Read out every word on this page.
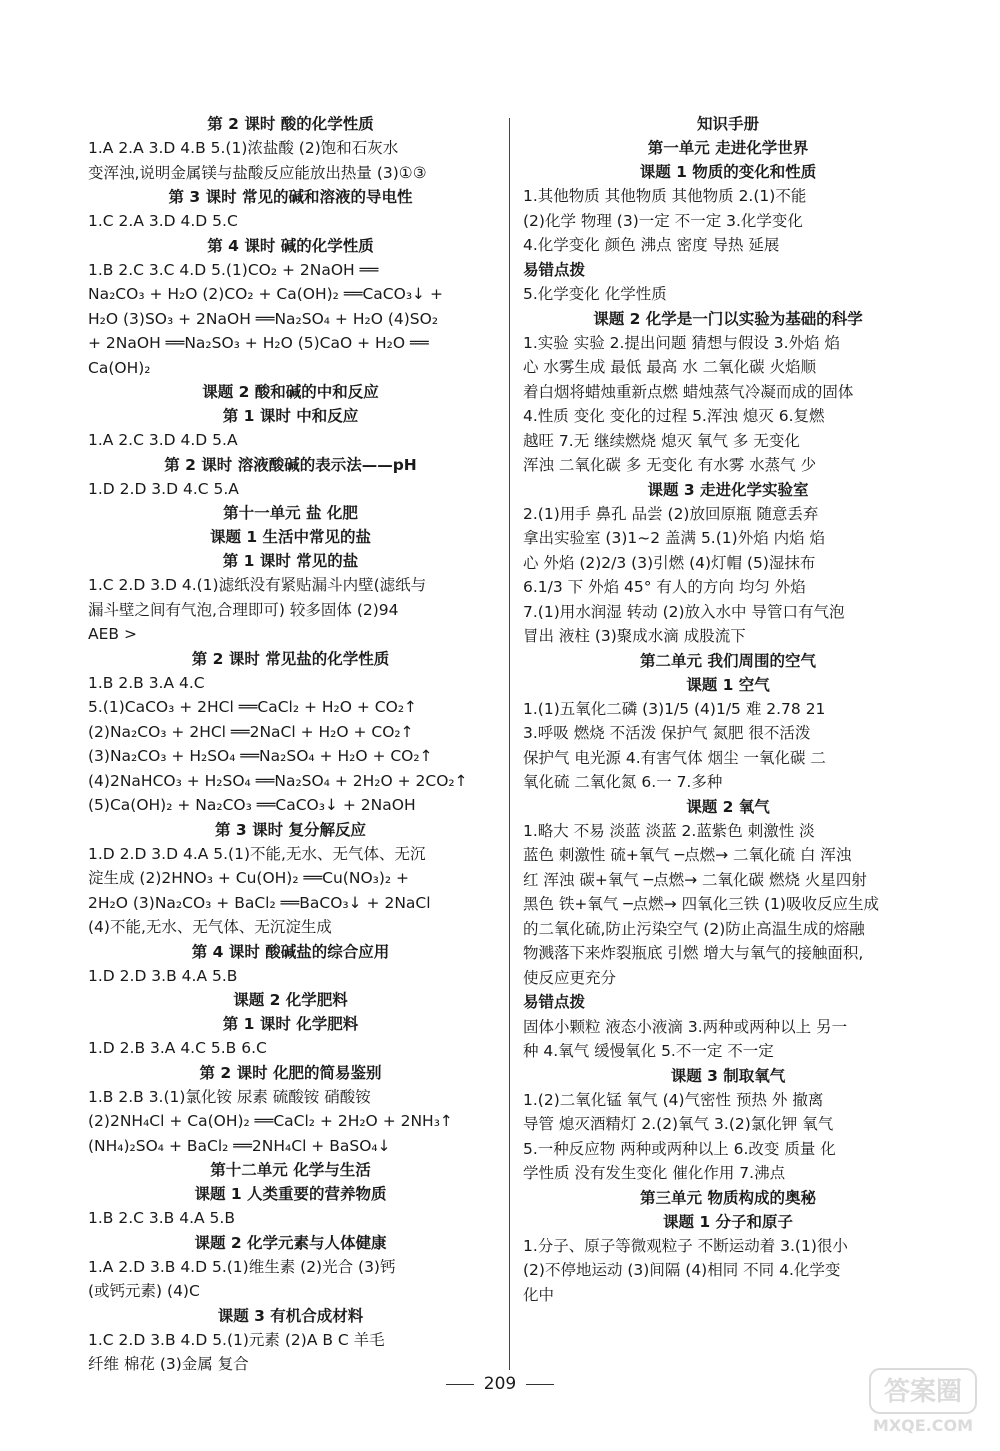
第 2 课时 酸的化学性质
1.A 2.A 3.D 4.B 5.(1)浓盐酸 (2)饱和石灰水
变浑浊,说明金属镁与盐酸反应能放出热量 (3)①③
第 3 课时 常见的碱和溶液的导电性
1.C 2.A 3.D 4.D 5.C
第 4 课时 碱的化学性质
1.B 2.C 3.C 4.D 5.(1)CO₂ + 2NaOH ══
Na₂CO₃ + H₂O (2)CO₂ + Ca(OH)₂ ══CaCO₃↓ +
H₂O (3)SO₃ + 2NaOH ══Na₂SO₄ + H₂O (4)SO₂
+ 2NaOH ══Na₂SO₃ + H₂O (5)CaO + H₂O ══
Ca(OH)₂
课题 2 酸和碱的中和反应
第 1 课时 中和反应
1.A 2.C 3.D 4.D 5.A
第 2 课时 溶液酸碱的表示法——pH
1.D 2.D 3.D 4.C 5.A
第十一单元 盐 化肥
课题 1 生活中常见的盐
第 1 课时 常见的盐
1.C 2.D 3.D 4.(1)滤纸没有紧贴漏斗内壁(滤纸与
漏斗壁之间有气泡,合理即可) 较多固体 (2)94
AEB >
第 2 课时 常见盐的化学性质
1.B 2.B 3.A 4.C
5.(1)CaCO₃ + 2HCl ══CaCl₂ + H₂O + CO₂↑
(2)Na₂CO₃ + 2HCl ══2NaCl + H₂O + CO₂↑
(3)Na₂CO₃ + H₂SO₄ ══Na₂SO₄ + H₂O + CO₂↑
(4)2NaHCO₃ + H₂SO₄ ══Na₂SO₄ + 2H₂O + 2CO₂↑
(5)Ca(OH)₂ + Na₂CO₃ ══CaCO₃↓ + 2NaOH
第 3 课时 复分解反应
1.D 2.D 3.D 4.A 5.(1)不能,无水、无气体、无沉
淀生成 (2)2HNO₃ + Cu(OH)₂ ══Cu(NO₃)₂ +
2H₂O (3)Na₂CO₃ + BaCl₂ ══BaCO₃↓ + 2NaCl
(4)不能,无水、无气体、无沉淀生成
第 4 课时 酸碱盐的综合应用
1.D 2.D 3.B 4.A 5.B
课题 2 化学肥料
第 1 课时 化学肥料
1.D 2.B 3.A 4.C 5.B 6.C
第 2 课时 化肥的简易鉴别
1.B 2.B 3.(1)氯化铵 尿素 硫酸铵 硝酸铵
(2)2NH₄Cl + Ca(OH)₂ ══CaCl₂ + 2H₂O + 2NH₃↑
(NH₄)₂SO₄ + BaCl₂ ══2NH₄Cl + BaSO₄↓
第十二单元 化学与生活
课题 1 人类重要的营养物质
1.B 2.C 3.B 4.A 5.B
课题 2 化学元素与人体健康
1.A 2.D 3.B 4.D 5.(1)维生素 (2)光合 (3)钙
(或钙元素) (4)C
课题 3 有机合成材料
1.C 2.D 3.B 4.D 5.(1)元素 (2)A B C 羊毛
纤维 棉花 (3)金属 复合
知识手册
第一单元 走进化学世界
课题 1 物质的变化和性质
1.其他物质 其他物质 其他物质 2.(1)不能
(2)化学 物理 (3)一定 不一定 3.化学变化
4.化学变化 颜色 沸点 密度 导热 延展
易错点拨
5.化学变化 化学性质
课题 2 化学是一门以实验为基础的科学
1.实验 实验 2.提出问题 猜想与假设 3.外焰 焰
心 水雾生成 最低 最高 水 二氧化碳 火焰顺
着白烟将蜡烛重新点燃 蜡烛蒸气冷凝而成的固体
4.性质 变化 变化的过程 5.浑浊 熄灭 6.复燃
越旺 7.无 继续燃烧 熄灭 氧气 多 无变化
浑浊 二氧化碳 多 无变化 有水雾 水蒸气 少
课题 3 走进化学实验室
2.(1)用手 鼻孔 品尝 (2)放回原瓶 随意丢弃
拿出实验室 (3)1~2 盖满 5.(1)外焰 内焰 焰
心 外焰 (2)2/3 (3)引燃 (4)灯帽 (5)湿抹布
6.1/3 下 外焰 45° 有人的方向 均匀 外焰
7.(1)用水润湿 转动 (2)放入水中 导管口有气泡
冒出 液柱 (3)聚成水滴 成股流下
第二单元 我们周围的空气
课题 1 空气
1.(1)五氧化二磷 (3)1/5 (4)1/5 难 2.78 21
3.呼吸 燃烧 不活泼 保护气 氮肥 很不活泼
保护气 电光源 4.有害气体 烟尘 一氧化碳 二
氧化硫 二氧化氮 6.一 7.多种
课题 2 氧气
1.略大 不易 淡蓝 淡蓝 2.蓝紫色 刺激性 淡
蓝色 刺激性 硫+氧气 ─点燃→ 二氧化硫 白 浑浊
红 浑浊 碳+氧气 ─点燃→ 二氧化碳 燃烧 火星四射
黑色 铁+氧气 ─点燃→ 四氧化三铁 (1)吸收反应生成
的二氧化硫,防止污染空气 (2)防止高温生成的熔融
物溅落下来炸裂瓶底 引燃 增大与氧气的接触面积,
使反应更充分
易错点拨
固体小颗粒 液态小液滴 3.两种或两种以上 另一
种 4.氧气 缓慢氧化 5.不一定 不一定
课题 3 制取氧气
1.(2)二氧化锰 氧气 (4)气密性 预热 外 撤离
导管 熄灭酒精灯 2.(2)氧气 3.(2)氯化钾 氧气
5.一种反应物 两种或两种以上 6.改变 质量 化
学性质 没有发生变化 催化作用 7.沸点
第三单元 物质构成的奥秘
课题 1 分子和原子
1.分子、原子等微观粒子 不断运动着 3.(1)很小
(2)不停地运动 (3)间隔 (4)相同 不同 4.化学变
化中
209	答案圈
MXQE.COM
